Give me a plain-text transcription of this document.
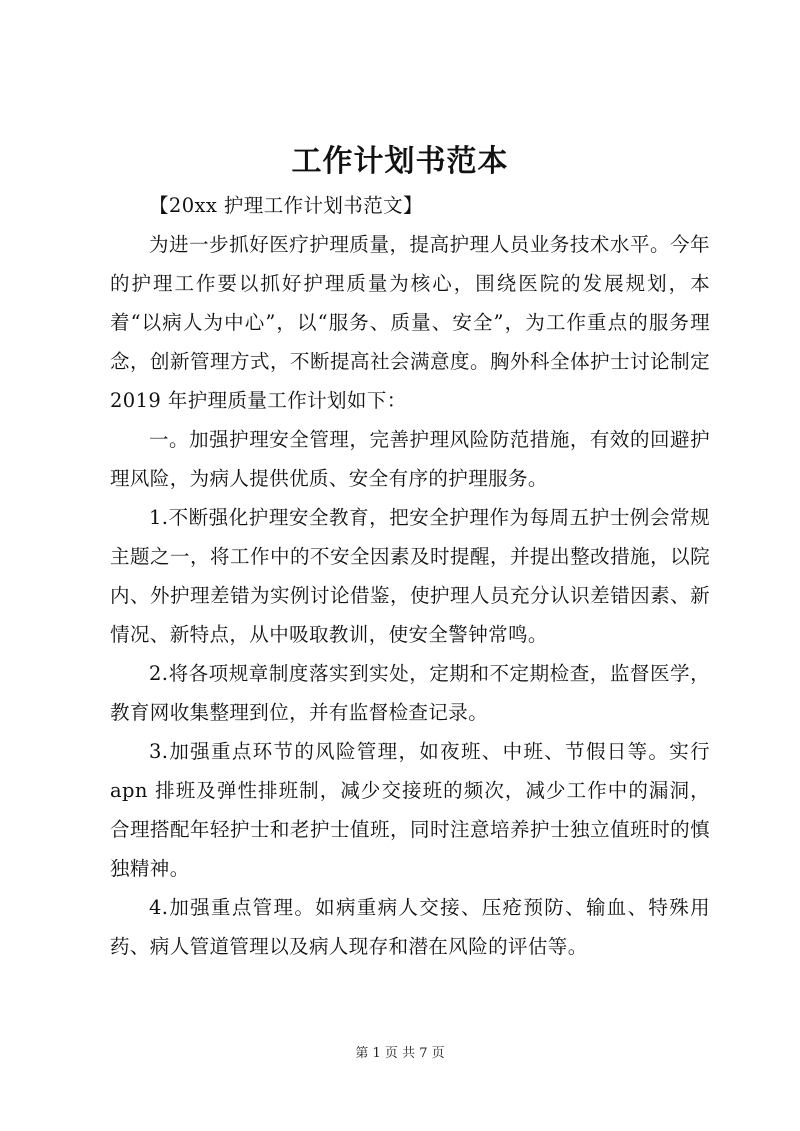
工作计划书范本

【20xx 护理工作计划书范文】

为进一步抓好医疗护理质量，提高护理人员业务技术水平。今年的护理工作要以抓好护理质量为核心，围绕医院的发展规划，本着“以病人为中心”，以“服务、质量、安全”，为工作重点的服务理念，创新管理方式，不断提高社会满意度。胸外科全体护士讨论制定 2019 年护理质量工作计划如下：

一。加强护理安全管理，完善护理风险防范措施，有效的回避护理风险，为病人提供优质、安全有序的护理服务。

1.不断强化护理安全教育，把安全护理作为每周五护士例会常规主题之一，将工作中的不安全因素及时提醒，并提出整改措施，以院内、外护理差错为实例讨论借鉴，使护理人员充分认识差错因素、新情况、新特点，从中吸取教训，使安全警钟常鸣。

2.将各项规章制度落实到实处，定期和不定期检查，监督医学，教育网收集整理到位，并有监督检查记录。

3.加强重点环节的风险管理，如夜班、中班、节假日等。实行 apn 排班及弹性排班制，减少交接班的频次，减少工作中的漏洞，合理搭配年轻护士和老护士值班，同时注意培养护士独立值班时的慎独精神。

4.加强重点管理。如病重病人交接、压疮预防、输血、特殊用药、病人管道管理以及病人现存和潜在风险的评估等。

第 1 页 共 7 页
